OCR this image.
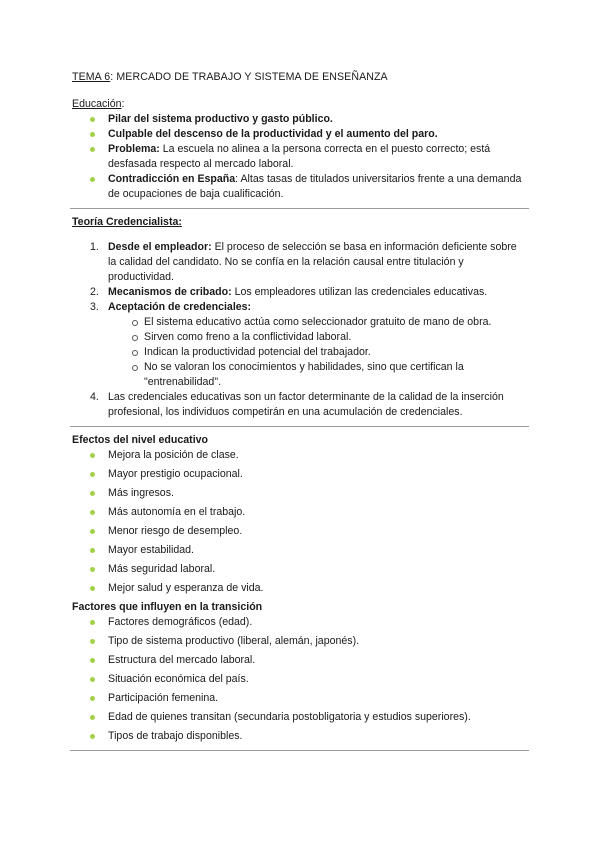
TEMA 6: MERCADO DE TRABAJO Y SISTEMA DE ENSEÑANZA
Educación:
Pilar del sistema productivo y gasto público.
Culpable del descenso de la productividad y el aumento del paro.
Problema: La escuela no alinea a la persona correcta en el puesto correcto; está desfasada respecto al mercado laboral.
Contradicción en España: Altas tasas de titulados universitarios frente a una demanda de ocupaciones de baja cualificación.
Teoría Credencialista:
1. Desde el empleador: El proceso de selección se basa en información deficiente sobre la calidad del candidato. No se confía en la relación causal entre titulación y productividad.
2. Mecanismos de cribado: Los empleadores utilizan las credenciales educativas.
3. Aceptación de credenciales:
El sistema educativo actúa como seleccionador gratuito de mano de obra.
Sirven como freno a la conflictividad laboral.
Indican la productividad potencial del trabajador.
No se valoran los conocimientos y habilidades, sino que certifican la "entrenabilidad".
4. Las credenciales educativas son un factor determinante de la calidad de la inserción profesional, los individuos competirán en una acumulación de credenciales.
Efectos del nivel educativo
Mejora la posición de clase.
Mayor prestigio ocupacional.
Más ingresos.
Más autonomía en el trabajo.
Menor riesgo de desempleo.
Mayor estabilidad.
Más seguridad laboral.
Mejor salud y esperanza de vida.
Factores que influyen en la transición
Factores demográficos (edad).
Tipo de sistema productivo (liberal, alemán, japonés).
Estructura del mercado laboral.
Situación económica del país.
Participación femenina.
Edad de quienes transitan (secundaria postobligatoria y estudios superiores).
Tipos de trabajo disponibles.
